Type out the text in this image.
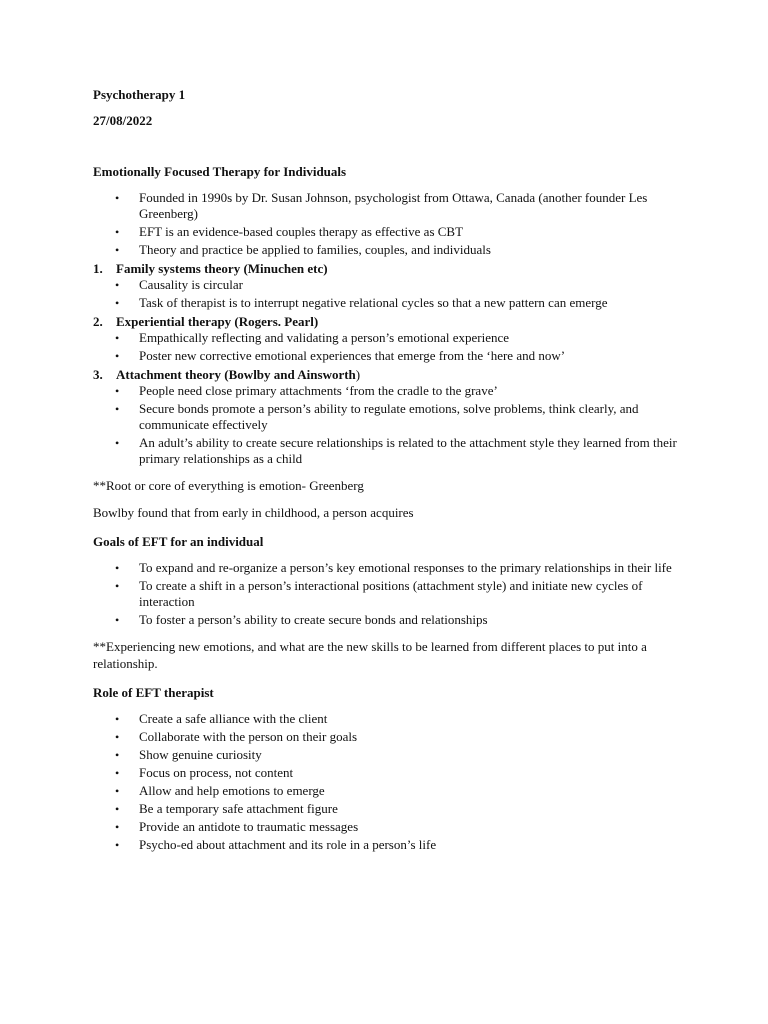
Psychotherapy 1

27/08/2022

Emotionally Focused Therapy for Individuals

• Founded in 1990s by Dr. Susan Johnson, psychologist from Ottawa, Canada (another founder Les Greenberg)
• EFT is an evidence-based couples therapy as effective as CBT
• Theory and practice be applied to families, couples, and individuals
1. Family systems theory (Minuchen etc)
• Causality is circular
• Task of therapist is to interrupt negative relational cycles so that a new pattern can emerge
2. Experiential therapy (Rogers. Pearl)
• Empathically reflecting and validating a person’s emotional experience
• Poster new corrective emotional experiences that emerge from the ‘here and now’
3. Attachment theory (Bowlby and Ainsworth)
• People need close primary attachments ‘from the cradle to the grave’
• Secure bonds promote a person’s ability to regulate emotions, solve problems, think clearly, and communicate effectively
• An adult’s ability to create secure relationships is related to the attachment style they learned from their primary relationships as a child

**Root or core of everything is emotion- Greenberg

Bowlby found that from early in childhood, a person acquires

Goals of EFT for an individual

• To expand and re-organize a person’s key emotional responses to the primary relationships in their life
• To create a shift in a person’s interactional positions (attachment style) and initiate new cycles of interaction
• To foster a person’s ability to create secure bonds and relationships

**Experiencing new emotions, and what are the new skills to be learned from different places to put into a relationship.

Role of EFT therapist

• Create a safe alliance with the client
• Collaborate with the person on their goals
• Show genuine curiosity
• Focus on process, not content
• Allow and help emotions to emerge
• Be a temporary safe attachment figure
• Provide an antidote to traumatic messages
• Psycho-ed about attachment and its role in a person’s life
